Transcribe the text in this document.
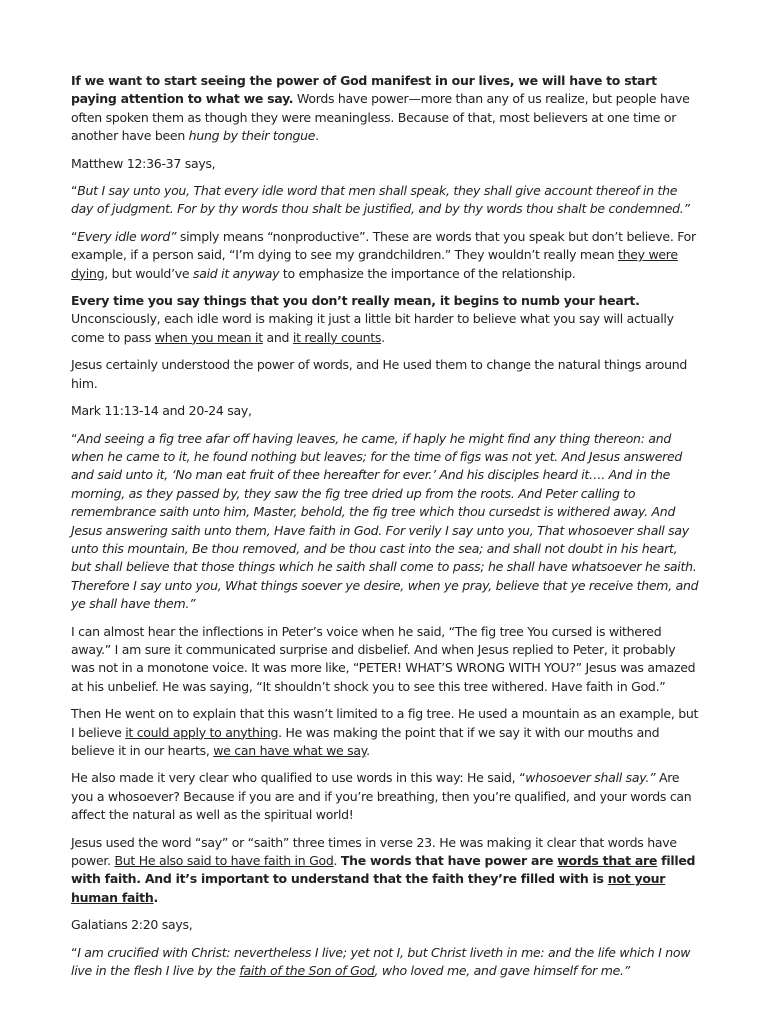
If we want to start seeing the power of God manifest in our lives, we will have to start paying attention to what we say. Words have power—more than any of us realize, but people have often spoken them as though they were meaningless. Because of that, most believers at one time or another have been hung by their tongue.

Matthew 12:36-37 says,

“But I say unto you, That every idle word that men shall speak, they shall give account thereof in the day of judgment. For by thy words thou shalt be justified, and by thy words thou shalt be condemned.”

“Every idle word” simply means “nonproductive”. These are words that you speak but don’t believe. For example, if a person said, “I’m dying to see my grandchildren.” They wouldn’t really mean they were dying, but would’ve said it anyway to emphasize the importance of the relationship.

Every time you say things that you don’t really mean, it begins to numb your heart. Unconsciously, each idle word is making it just a little bit harder to believe what you say will actually come to pass when you mean it and it really counts.

Jesus certainly understood the power of words, and He used them to change the natural things around him.

Mark 11:13-14 and 20-24 say,

“And seeing a fig tree afar off having leaves, he came, if haply he might find any thing thereon: and when he came to it, he found nothing but leaves; for the time of figs was not yet. And Jesus answered and said unto it, ‘No man eat fruit of thee hereafter for ever.’ And his disciples heard it…. And in the morning, as they passed by, they saw the fig tree dried up from the roots. And Peter calling to remembrance saith unto him, Master, behold, the fig tree which thou cursedst is withered away. And Jesus answering saith unto them, Have faith in God. For verily I say unto you, That whosoever shall say unto this mountain, Be thou removed, and be thou cast into the sea; and shall not doubt in his heart, but shall believe that those things which he saith shall come to pass; he shall have whatsoever he saith. Therefore I say unto you, What things soever ye desire, when ye pray, believe that ye receive them, and ye shall have them.”

I can almost hear the inflections in Peter’s voice when he said, “The fig tree You cursed is withered away.” I am sure it communicated surprise and disbelief. And when Jesus replied to Peter, it probably was not in a monotone voice. It was more like, “PETER! WHAT’S WRONG WITH YOU?” Jesus was amazed at his unbelief. He was saying, “It shouldn’t shock you to see this tree withered. Have faith in God.”

Then He went on to explain that this wasn’t limited to a fig tree. He used a mountain as an example, but I believe it could apply to anything. He was making the point that if we say it with our mouths and believe it in our hearts, we can have what we say.

He also made it very clear who qualified to use words in this way: He said, “whosoever shall say.” Are you a whosoever? Because if you are and if you’re breathing, then you’re qualified, and your words can affect the natural as well as the spiritual world!

Jesus used the word “say” or “saith” three times in verse 23. He was making it clear that words have power. But He also said to have faith in God. The words that have power are words that are filled with faith. And it’s important to understand that the faith they’re filled with is not your human faith.

Galatians 2:20 says,

“I am crucified with Christ: nevertheless I live; yet not I, but Christ liveth in me: and the life which I now live in the flesh I live by the faith of the Son of God, who loved me, and gave himself for me.”
